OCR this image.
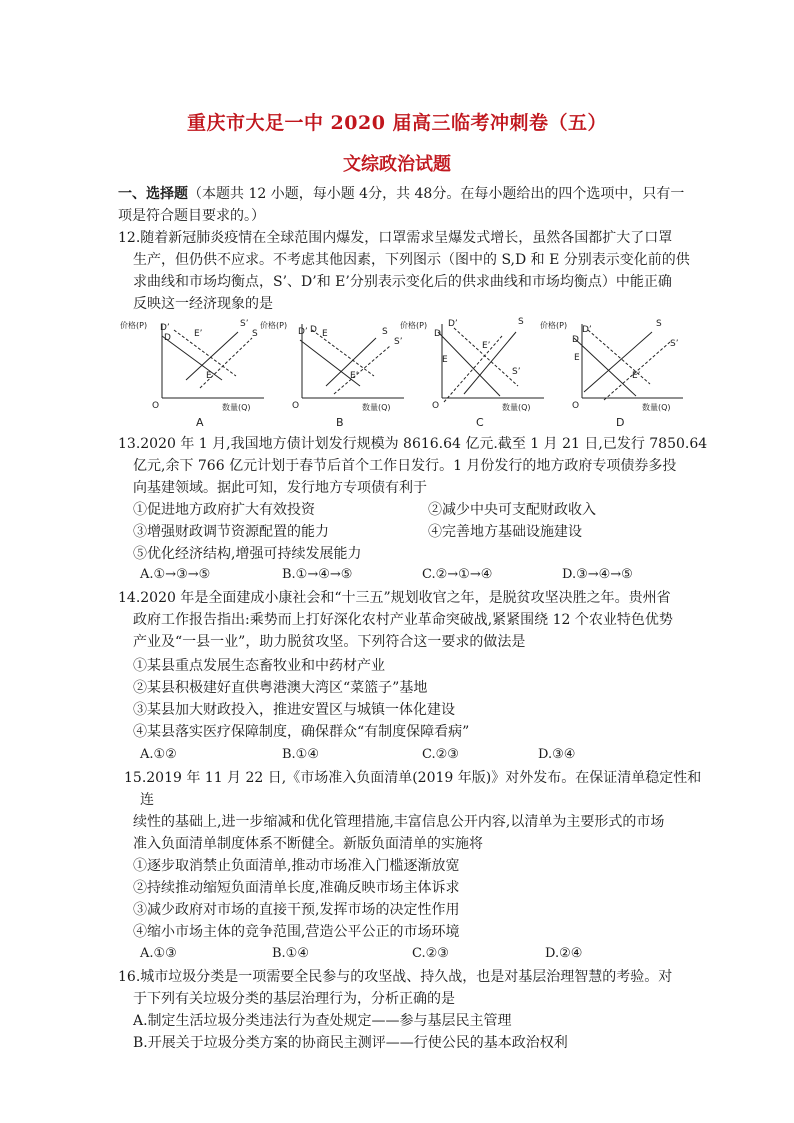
重庆市大足一中 2020 届高三临考冲刺卷（五）
文综政治试题
一、选择题（本题共 12 小题，每小题 4分，共 48分。在每小题给出的四个选项中，只有一
项是符合题目要求的。）
12.随着新冠肺炎疫情在全球范围内爆发，口罩需求呈爆发式增长，虽然各国都扩大了口罩
生产，但仍供不应求。不考虑其他因素，下列图示（图中的 S,D 和 E 分别表示变化前的供
求曲线和市场均衡点，S’、D’和 E’分别表示变化后的供求曲线和市场均衡点）中能正确
反映这一经济现象的是
价格(P)
O	数量(Q)
A
D’	S’
S
E’
D
E
价格(P)
O	数量(Q)
B
D’ D E	S
S’
E’
价格(P)
O	数量(Q)
C
D’	S
D
E
E’
S’
价格(P)
O	数量(Q)
D
D’
S
D
E
S’
E’
13.2020 年 1 月,我国地方债计划发行规模为 8616.64 亿元.截至 1 月 21 日,已发行 7850.64
亿元,余下 766 亿元计划于春节后首个工作日发行。1 月份发行的地方政府专项债券多投
向基建领域。据此可知，发行地方专项债有利于
①促进地方政府扩大有效投资	②减少中央可支配财政收入
③增强财政调节资源配置的能力	④完善地方基础设施建设
⑤优化经济结构,增强可持续发展能力
A.①→③→⑤	B.①→④→⑤	C.②→①→④	D.③→④→⑤
14.2020 年是全面建成小康社会和“十三五”规划收官之年，是脱贫攻坚决胜之年。贵州省
政府工作报告指出:乘势而上打好深化农村产业革命突破战,紧紧围绕 12 个农业特色优势
产业及“一县一业”，助力脱贫攻坚。下列符合这一要求的做法是
①某县重点发展生态畜牧业和中药材产业
②某县积极建好直供粤港澳大湾区“菜篮子”基地
③某县加大财政投入，推进安置区与城镇一体化建设
④某县落实医疗保障制度，确保群众“有制度保障看病”
A.①②	B.①④	C.②③	D.③④
15.2019 年 11 月 22 日,《市场准入负面清单(2019 年版)》对外发布。在保证清单稳定性和
连
续性的基础上,进一步缩减和优化管理措施,丰富信息公开内容,以清单为主要形式的市场
准入负面清单制度体系不断健全。新版负面清单的实施将
①逐步取消禁止负面清单,推动市场准入门槛逐渐放宽
②持续推动缩短负面清单长度,准确反映市场主体诉求
③减少政府对市场的直接干预,发挥市场的决定性作用
④缩小市场主体的竞争范围,营造公平公正的市场环境
A.①③	B.①④	C.②③	D.②④
16.城市垃圾分类是一项需要全民参与的攻坚战、持久战，也是对基层治理智慧的考验。对
于下列有关垃圾分类的基层治理行为，分析正确的是
A.制定生活垃圾分类违法行为查处规定——参与基层民主管理
B.开展关于垃圾分类方案的协商民主测评——行使公民的基本政治权利
